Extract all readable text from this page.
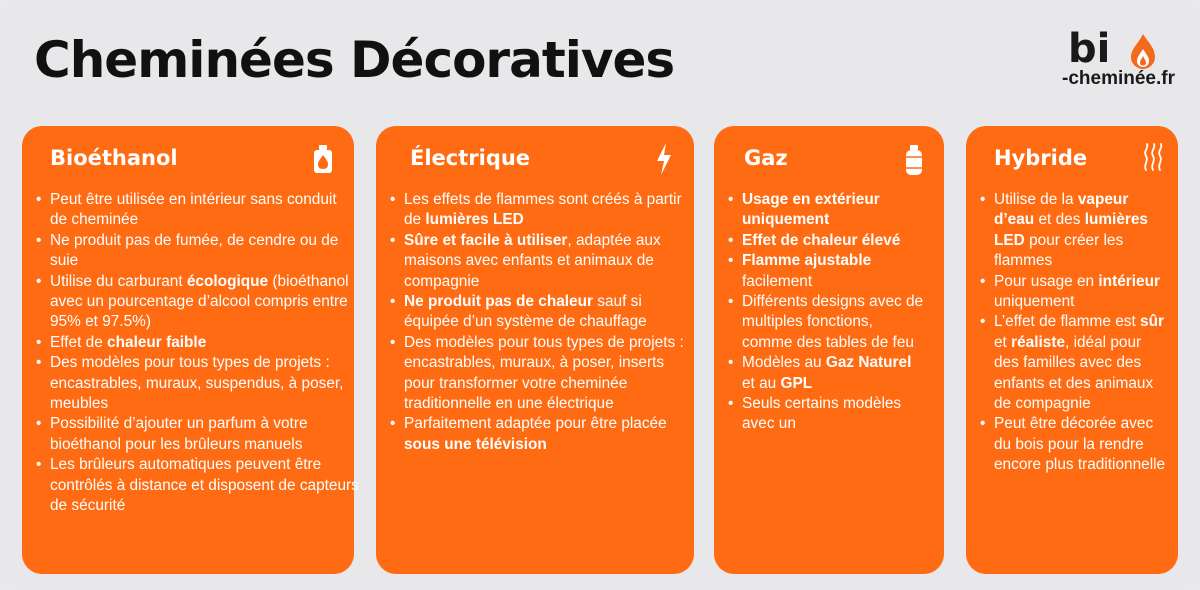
Cheminées Décoratives	bi
-cheminée.fr
Bioéthanol
• Peut être utilisée en intérieur sans conduit de cheminée
• Ne produit pas de fumée, de cendre ou de suie
• Utilise du carburant écologique (bioéthanol avec un pourcentage d’alcool compris entre 95% et 97.5%)
• Effet de chaleur faible
• Des modèles pour tous types de projets : encastrables, muraux, suspendus, à poser, meubles
• Possibilité d’ajouter un parfum à votre bioéthanol pour les brûleurs manuels
• Les brûleurs automatiques peuvent être contrôlés à distance et disposent de capteurs de sécurité
Électrique
• Les effets de flammes sont créés à partir de lumières LED
• Sûre et facile à utiliser, adaptée aux maisons avec enfants et animaux de compagnie
• Ne produit pas de chaleur sauf si équipée d’un système de chauffage
• Des modèles pour tous types de projets : encastrables, muraux, à poser, inserts pour transformer votre cheminée traditionnelle en une électrique
• Parfaitement adaptée pour être placée sous une télévision
Gaz
• Usage en extérieur uniquement
• Effet de chaleur élevé
• Flamme ajustable facilement
• Différents designs avec de multiples fonctions, comme des tables de feu
• Modèles au Gaz Naturel et au GPL
• Seuls certains modèles avec un
Hybride
• Utilise de la vapeur d’eau et des lumières LED pour créer les flammes
• Pour usage en intérieur uniquement
• L’effet de flamme est sûr et réaliste, idéal pour des familles avec des enfants et des animaux de compagnie
• Peut être décorée avec du bois pour la rendre encore plus traditionnelle
